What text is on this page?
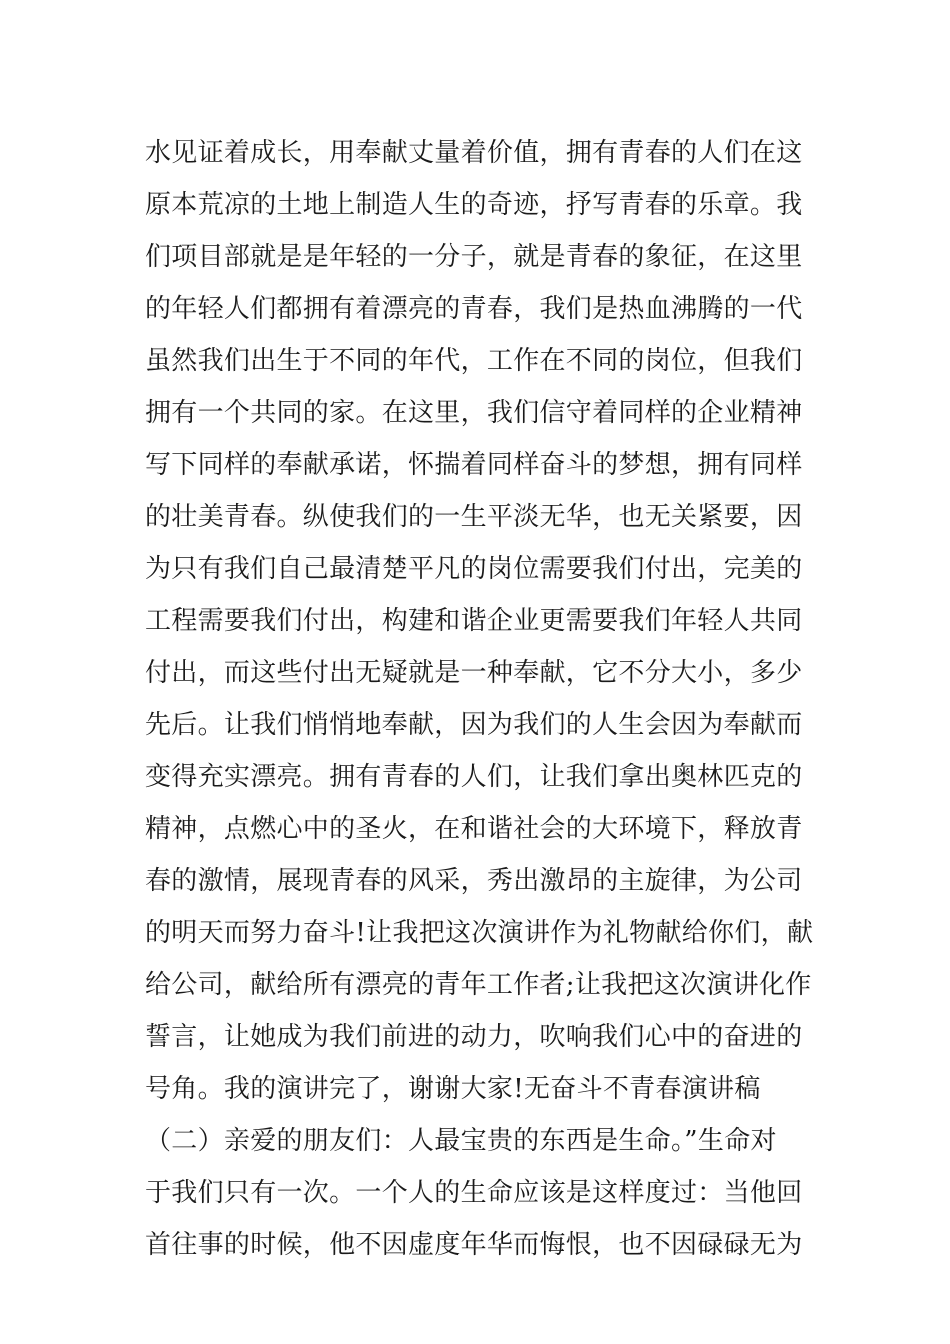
水见证着成长，用奉献丈量着价值，拥有青春的人们在这
原本荒凉的土地上制造人生的奇迹，抒写青春的乐章。我
们项目部就是是年轻的一分子，就是青春的象征，在这里
的年轻人们都拥有着漂亮的青春，我们是热血沸腾的一代
虽然我们出生于不同的年代，工作在不同的岗位，但我们
拥有一个共同的家。在这里，我们信守着同样的企业精神
写下同样的奉献承诺，怀揣着同样奋斗的梦想，拥有同样
的壮美青春。纵使我们的一生平淡无华，也无关紧要，因
为只有我们自己最清楚平凡的岗位需要我们付出，完美的
工程需要我们付出，构建和谐企业更需要我们年轻人共同
付出，而这些付出无疑就是一种奉献，它不分大小，多少
先后。让我们悄悄地奉献，因为我们的人生会因为奉献而
变得充实漂亮。拥有青春的人们，让我们拿出奥林匹克的
精神，点燃心中的圣火，在和谐社会的大环境下，释放青
春的激情，展现青春的风采，秀出激昂的主旋律，为公司
的明天而努力奋斗!让我把这次演讲作为礼物献给你们，献
给公司，献给所有漂亮的青年工作者;让我把这次演讲化作
誓言，让她成为我们前进的动力，吹响我们心中的奋进的
号角。我的演讲完了，谢谢大家!无奋斗不青春演讲稿
（二）亲爱的朋友们：人最宝贵的东西是生命。”生命对
于我们只有一次。一个人的生命应该是这样度过：当他回
首往事的时候，他不因虚度年华而悔恨，也不因碌碌无为
